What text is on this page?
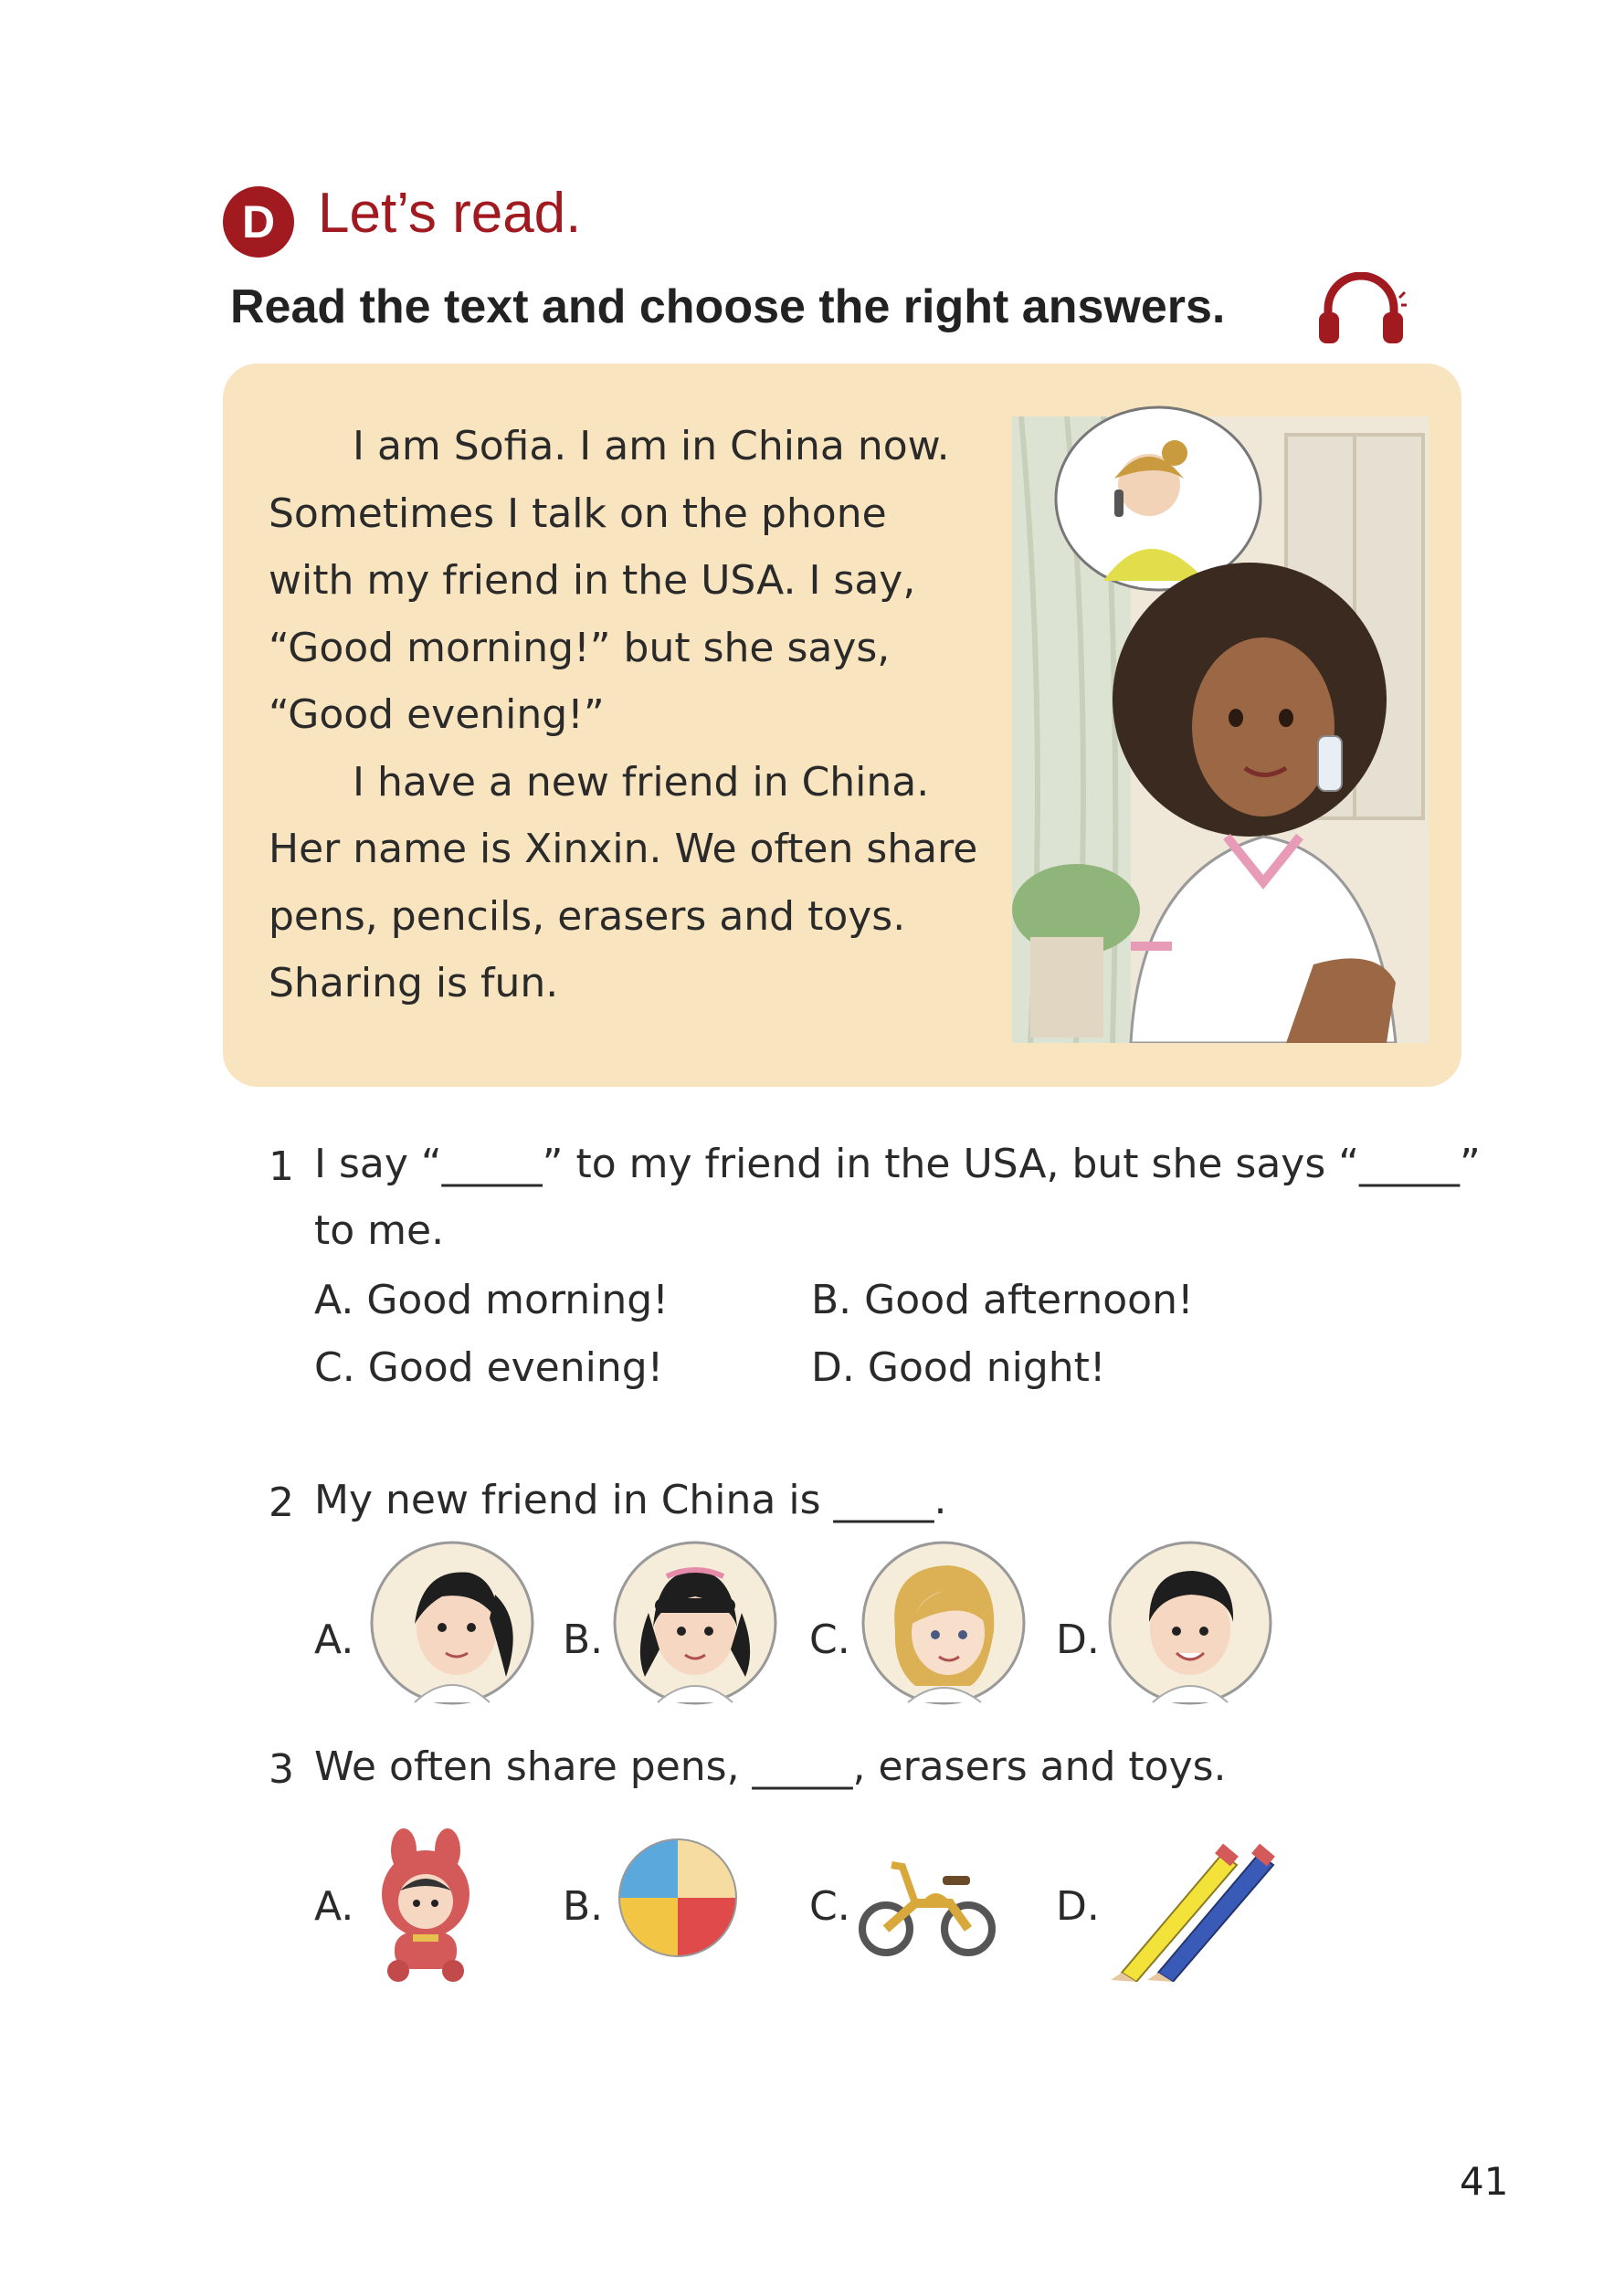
D Let’s read.
Read the text and choose the right answers.

I am Sofia. I am in China now.

Sometimes I talk on the phone

with my friend in the USA. I say,

“Good morning!” but she says,

“Good evening!”

I have a new friend in China.

Her name is Xinxin. We often share

pens, pencils, erasers and toys.

Sharing is fun.

1 I say “_____” to my friend in the USA, but she says “_____”
to me.
A. Good morning!	B. Good afternoon!
C. Good evening!	D. Good night!
2 My new friend in China is _____.
A.	B.	C.	D.
3 We often share pens, _____, erasers and toys.
A.	B.	C.	D.
41
